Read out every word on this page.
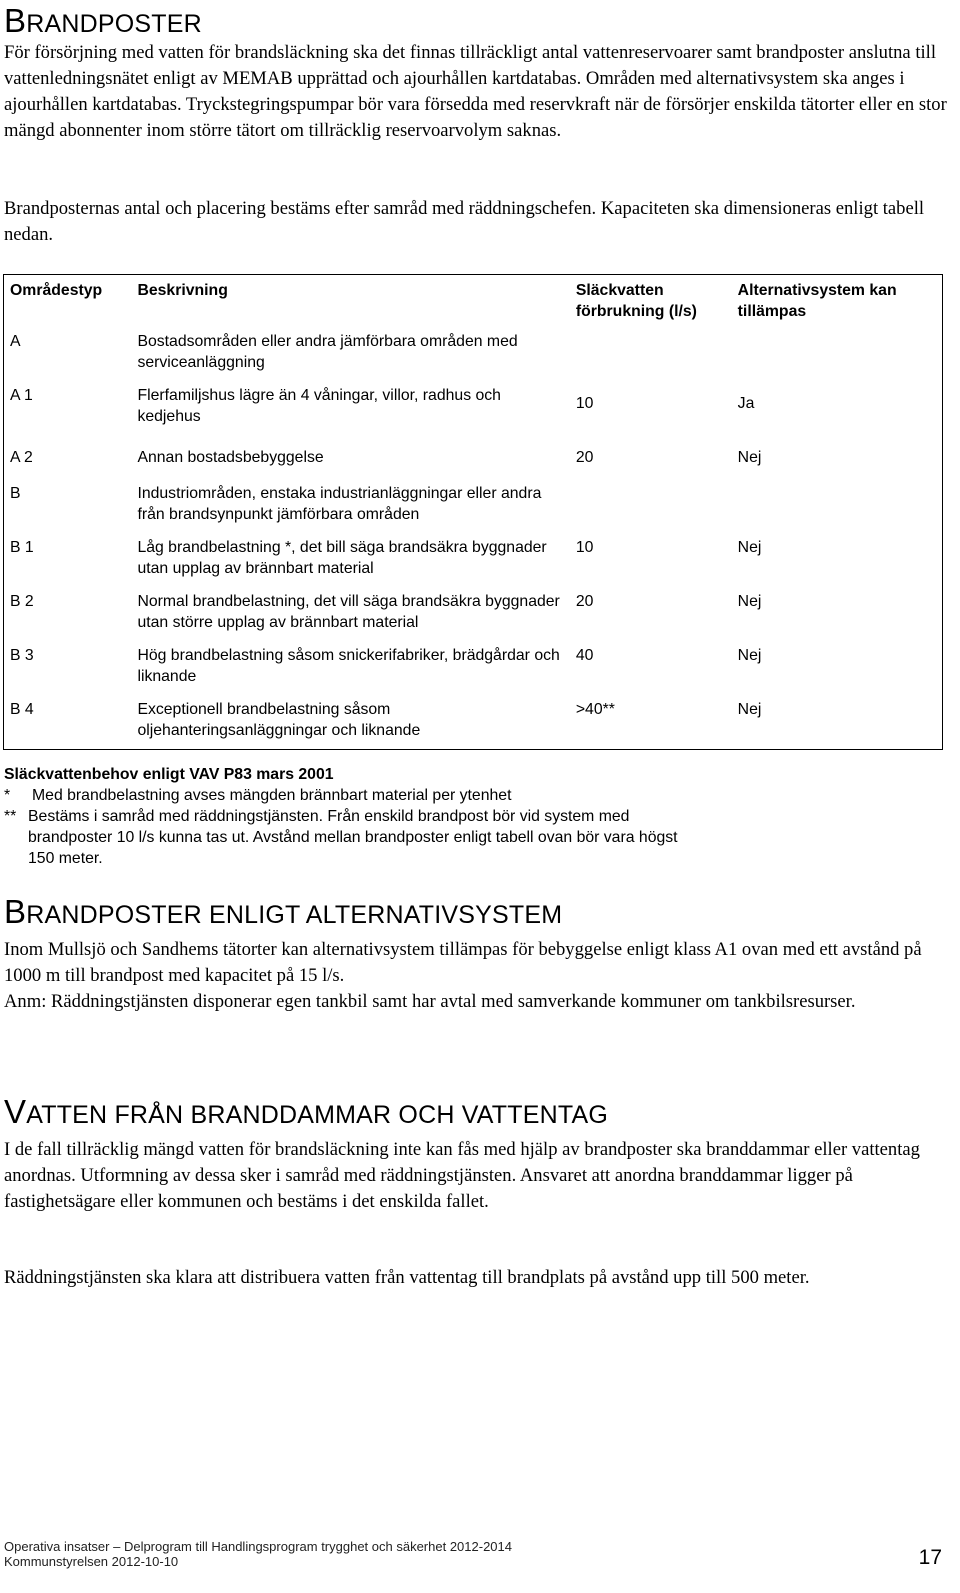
BRANDPOSTER

För försörjning med vatten för brandsläckning ska det finnas tillräckligt antal vattenreservoarer samt brandposter anslutna till vattenledningsnätet enligt av MEMAB upprättad och ajourhållen kartdatabas. Områden med alternativsystem ska anges i ajourhållen kartdatabas. Tryckstegringspumpar bör vara försedda med reservkraft när de försörjer enskilda tätorter eller en stor mängd abonnenter inom större tätort om tillräcklig reservoarvolym saknas.

Brandposternas antal och placering bestäms efter samråd med räddningschefen. Kapaciteten ska dimensioneras enligt tabell nedan.

Områdestyp	Beskrivning	Släckvatten förbrukning (l/s)	Alternativsystem kan tillämpas
A	Bostadsområden eller andra jämförbara områden med serviceanläggning		
A 1	Flerfamiljshus lägre än 4 våningar, villor, radhus och kedjehus	10	Ja
A 2	Annan bostadsbebyggelse	20	Nej
B	Industriområden, enstaka industrianläggningar eller andra från brandsynpunkt jämförbara områden		
B 1	Låg brandbelastning *, det bill säga brandsäkra byggnader utan upplag av brännbart material	10	Nej
B 2	Normal brandbelastning, det vill säga brandsäkra byggnader utan större upplag av brännbart material	20	Nej
B 3	Hög brandbelastning såsom snickerifabriker, brädgårdar och liknande	40	Nej
B 4	Exceptionell brandbelastning såsom oljehanteringsanläggningar och liknande	>40**	Nej
Släckvattenbehov enligt VAV P83 mars 2001
*	Med brandbelastning avses mängden brännbart material per ytenhet
** Bestäms i samråd med räddningstjänsten. Från enskild brandpost bör vid system med brandposter 10 l/s kunna tas ut. Avstånd mellan brandposter enligt tabell ovan bör vara högst 150 meter.
BRANDPOSTER ENLIGT ALTERNATIVSYSTEM

Inom Mullsjö och Sandhems tätorter kan alternativsystem tillämpas för bebyggelse enligt klass A1 ovan med ett avstånd på 1000 m till brandpost med kapacitet på 15 l/s.

Anm: Räddningstjänsten disponerar egen tankbil samt har avtal med samverkande kommuner om tankbilsresurser.

VATTEN FRÅN BRANDDAMMAR OCH VATTENTAG

I de fall tillräcklig mängd vatten för brandsläckning inte kan fås med hjälp av brandposter ska branddammar eller vattentag anordnas. Utformning av dessa sker i samråd med räddningstjänsten. Ansvaret att anordna branddammar ligger på fastighetsägare eller kommunen och bestäms i det enskilda fallet.

Räddningstjänsten ska klara att distribuera vatten från vattentag till brandplats på avstånd upp till 500 meter.

Operativa insatser – Delprogram till Handlingsprogram trygghet och säkerhet 2012-2014
Kommunstyrelsen 2012-10-10	17
